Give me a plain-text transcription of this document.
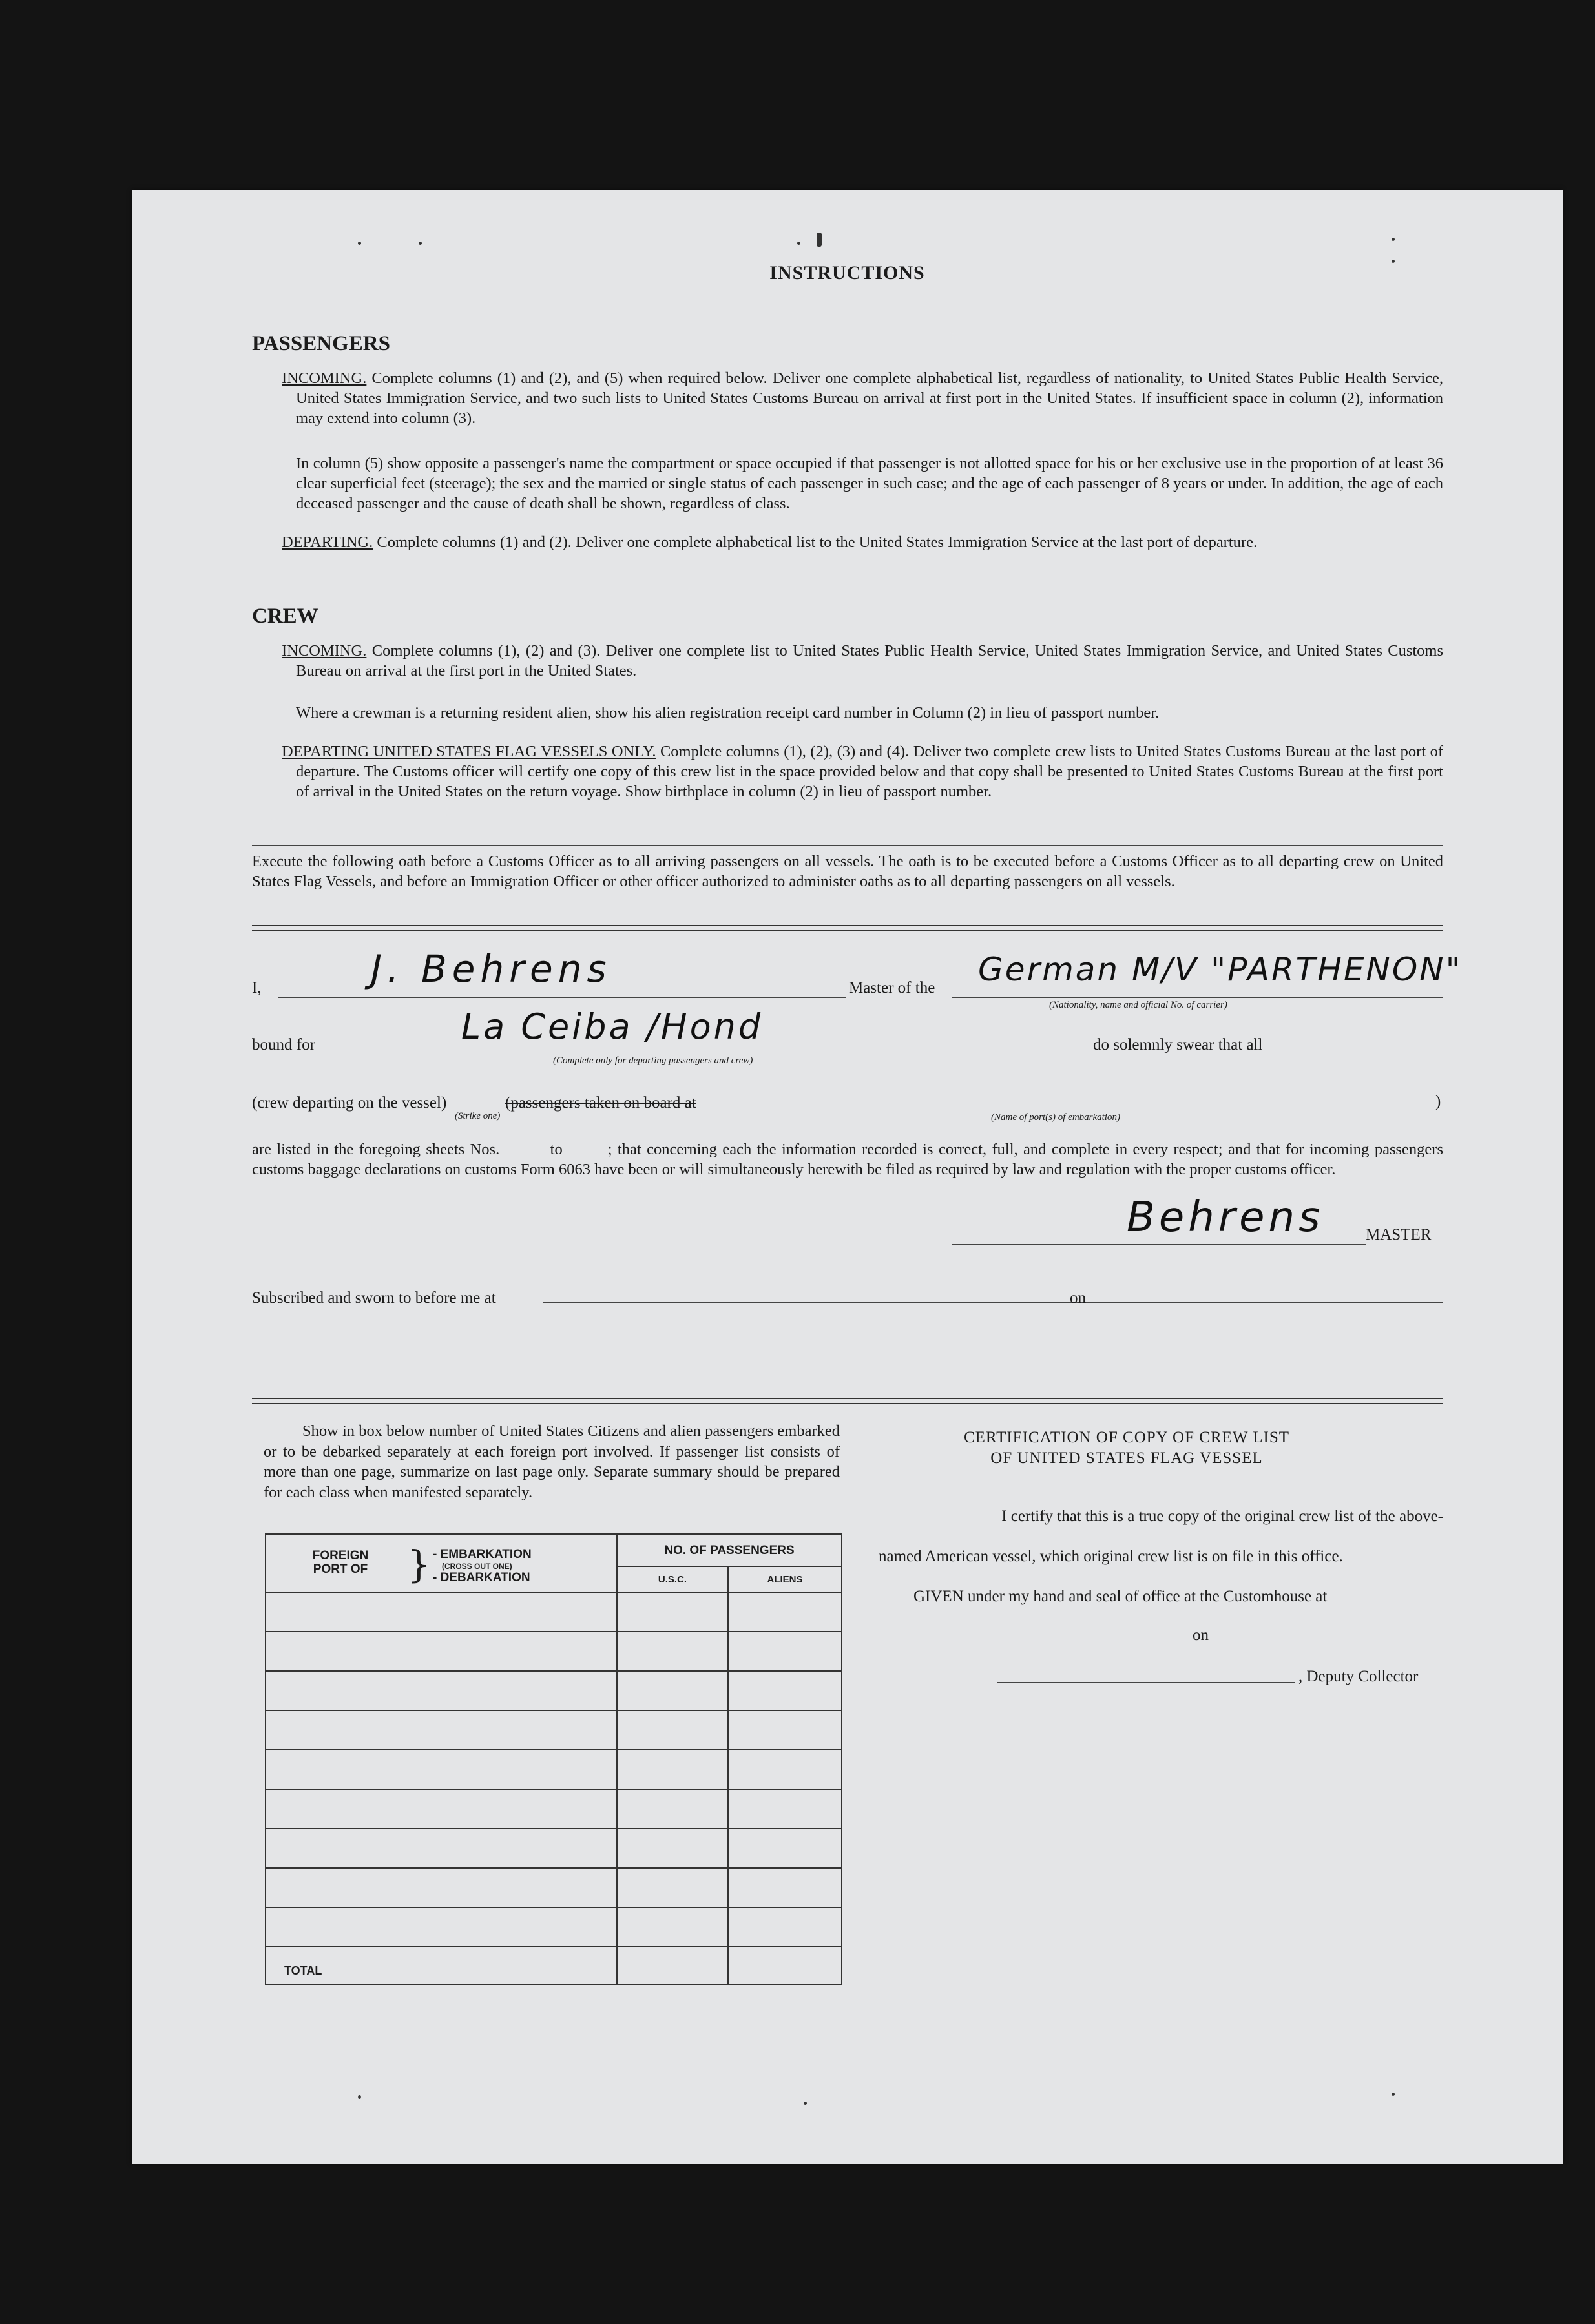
INSTRUCTIONS
PASSENGERS
INCOMING. Complete columns (1) and (2), and (5) when required below. Deliver one complete alphabetical list, regardless of nationality, to United States Public Health Service, United States Immigration Service, and two such lists to United States Customs Bureau on arrival at first port in the United States. If insufficient space in column (2), information may extend into column (3).
In column (5) show opposite a passenger's name the compartment or space occupied if that passenger is not allotted space for his or her exclusive use in the proportion of at least 36 clear superficial feet (steerage); the sex and the married or single status of each passenger in such case; and the age of each passenger of 8 years or under. In addition, the age of each deceased passenger and the cause of death shall be shown, regardless of class.
DEPARTING. Complete columns (1) and (2). Deliver one complete alphabetical list to the United States Immigration Service at the last port of departure.
CREW
INCOMING. Complete columns (1), (2) and (3). Deliver one complete list to United States Public Health Service, United States Immigration Service, and United States Customs Bureau on arrival at the first port in the United States.
Where a crewman is a returning resident alien, show his alien registration receipt card number in Column (2) in lieu of passport number.
DEPARTING UNITED STATES FLAG VESSELS ONLY. Complete columns (1), (2), (3) and (4). Deliver two complete crew lists to United States Customs Bureau at the last port of departure. The Customs officer will certify one copy of this crew list in the space provided below and that copy shall be presented to United States Customs Bureau at the first port of arrival in the United States on the return voyage. Show birthplace in column (2) in lieu of passport number.
Execute the following oath before a Customs Officer as to all arriving passengers on all vessels. The oath is to be executed before a Customs Officer as to all departing crew on United States Flag Vessels, and before an Immigration Officer or other officer authorized to administer oaths as to all departing passengers on all vessels.
I,	J. Behrens	Master of the German M/V "PARTHENON"
(Nationality, name and official No. of carrier)
bound for	La Ceiba /Hond
(Complete only for departing passengers and crew)
do solemnly swear that all
(crew departing on the vessel)	(passengers taken on board at
(Strike one)	(Name of port(s) of embarkation)
)
are listed in the foregoing sheets Nos.	to	; that concerning each the information recorded is correct, full, and complete in every respect; and that for incoming passengers customs baggage declarations on customs Form 6063 have been or will simultaneously herewith be filed as required by law and regulation with the proper customs officer.
Behrens	MASTER
Subscribed and sworn to before me at	on
Show in box below number of United States Citizens and alien passengers embarked or to be debarked separately at each foreign port involved. If passenger list consists of more than one page, summarize on last page only. Separate summary should be prepared for each class when manifested separately.
FOREIGN PORT OF } - EMBARKATION
(CROSS OUT ONE)
- DEBARKATION	NO. OF PASSENGERS	
	U.S.C.	ALIENS

TOTAL		

CERTIFICATION OF COPY OF CREW LIST
OF UNITED STATES FLAG VESSEL
I certify that this is a true copy of the original crew list of the above-
named American vessel, which original crew list is on file in this office.
GIVEN under my hand and seal of office at the Customhouse at
on
, Deputy Collector
